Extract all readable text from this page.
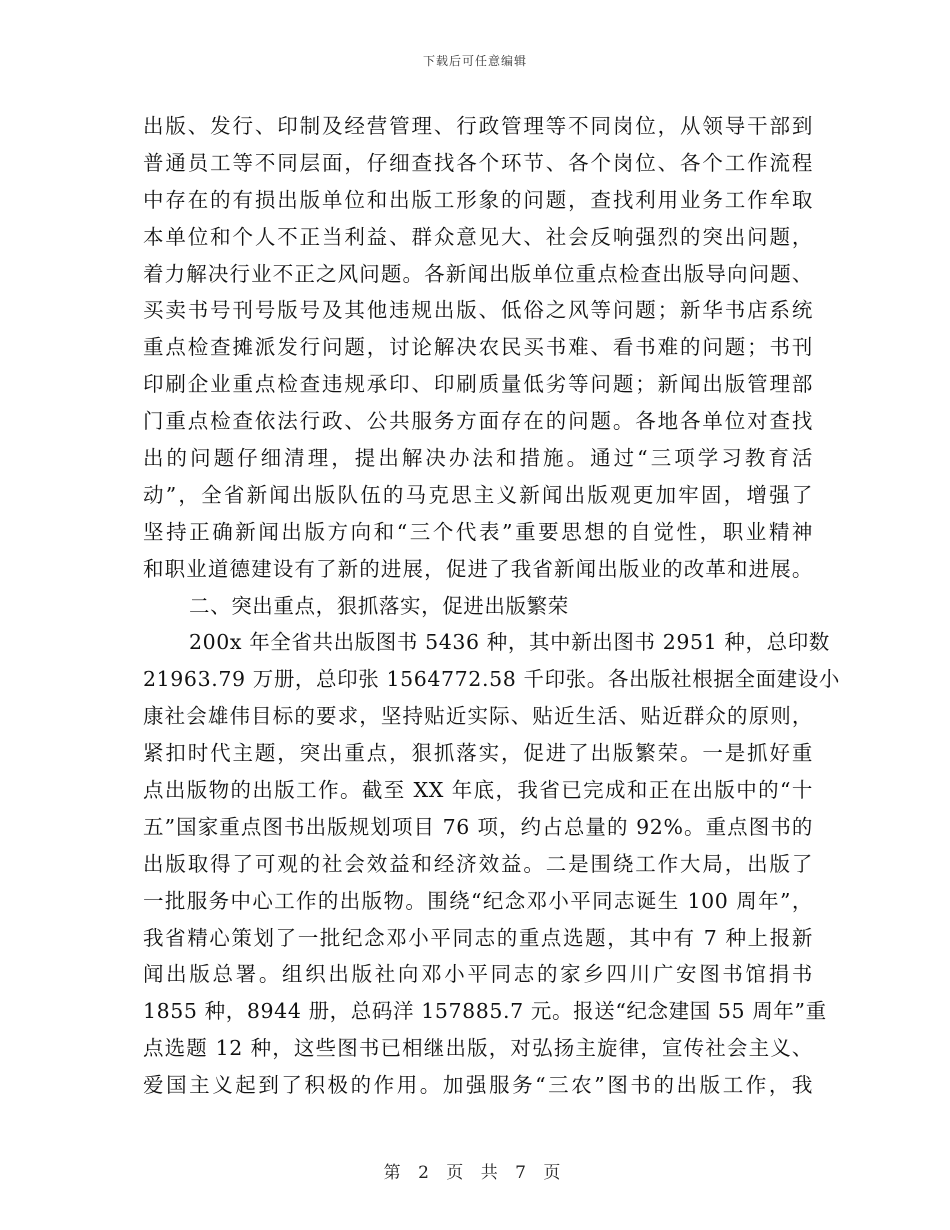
下载后可任意编辑
出版、发行、印制及经营管理、行政管理等不同岗位，从领导干部到
普通员工等不同层面，仔细查找各个环节、各个岗位、各个工作流程
中存在的有损出版单位和出版工形象的问题，查找利用业务工作牟取
本单位和个人不正当利益、群众意见大、社会反响强烈的突出问题，
着力解决行业不正之风问题。各新闻出版单位重点检查出版导向问题、
买卖书号刊号版号及其他违规出版、低俗之风等问题；新华书店系统
重点检查摊派发行问题，讨论解决农民买书难、看书难的问题；书刊
印刷企业重点检查违规承印、印刷质量低劣等问题；新闻出版管理部
门重点检查依法行政、公共服务方面存在的问题。各地各单位对查找
出的问题仔细清理，提出解决办法和措施。通过“三项学习教育活
动”，全省新闻出版队伍的马克思主义新闻出版观更加牢固，增强了
坚持正确新闻出版方向和“三个代表”重要思想的自觉性，职业精神
和职业道德建设有了新的进展，促进了我省新闻出版业的改革和进展。
二、突出重点，狠抓落实，促进出版繁荣
200x 年全省共出版图书 5436 种，其中新出图书 2951 种，总印数
21963.79 万册，总印张 1564772.58 千印张。各出版社根据全面建设小
康社会雄伟目标的要求，坚持贴近实际、贴近生活、贴近群众的原则，
紧扣时代主题，突出重点，狠抓落实，促进了出版繁荣。一是抓好重
点出版物的出版工作。截至 XX 年底，我省已完成和正在出版中的“十
五”国家重点图书出版规划项目 76 项，约占总量的 92%。重点图书的
出版取得了可观的社会效益和经济效益。二是围绕工作大局，出版了
一批服务中心工作的出版物。围绕“纪念邓小平同志诞生 100 周年”，
我省精心策划了一批纪念邓小平同志的重点选题，其中有 7 种上报新
闻出版总署。组织出版社向邓小平同志的家乡四川广安图书馆捐书
1855 种，8944 册，总码洋 157885.7 元。报送“纪念建国 55 周年”重
点选题 12 种，这些图书已相继出版，对弘扬主旋律，宣传社会主义、
爱国主义起到了积极的作用。加强服务“三农”图书的出版工作，我
第 2 页 共 7 页
